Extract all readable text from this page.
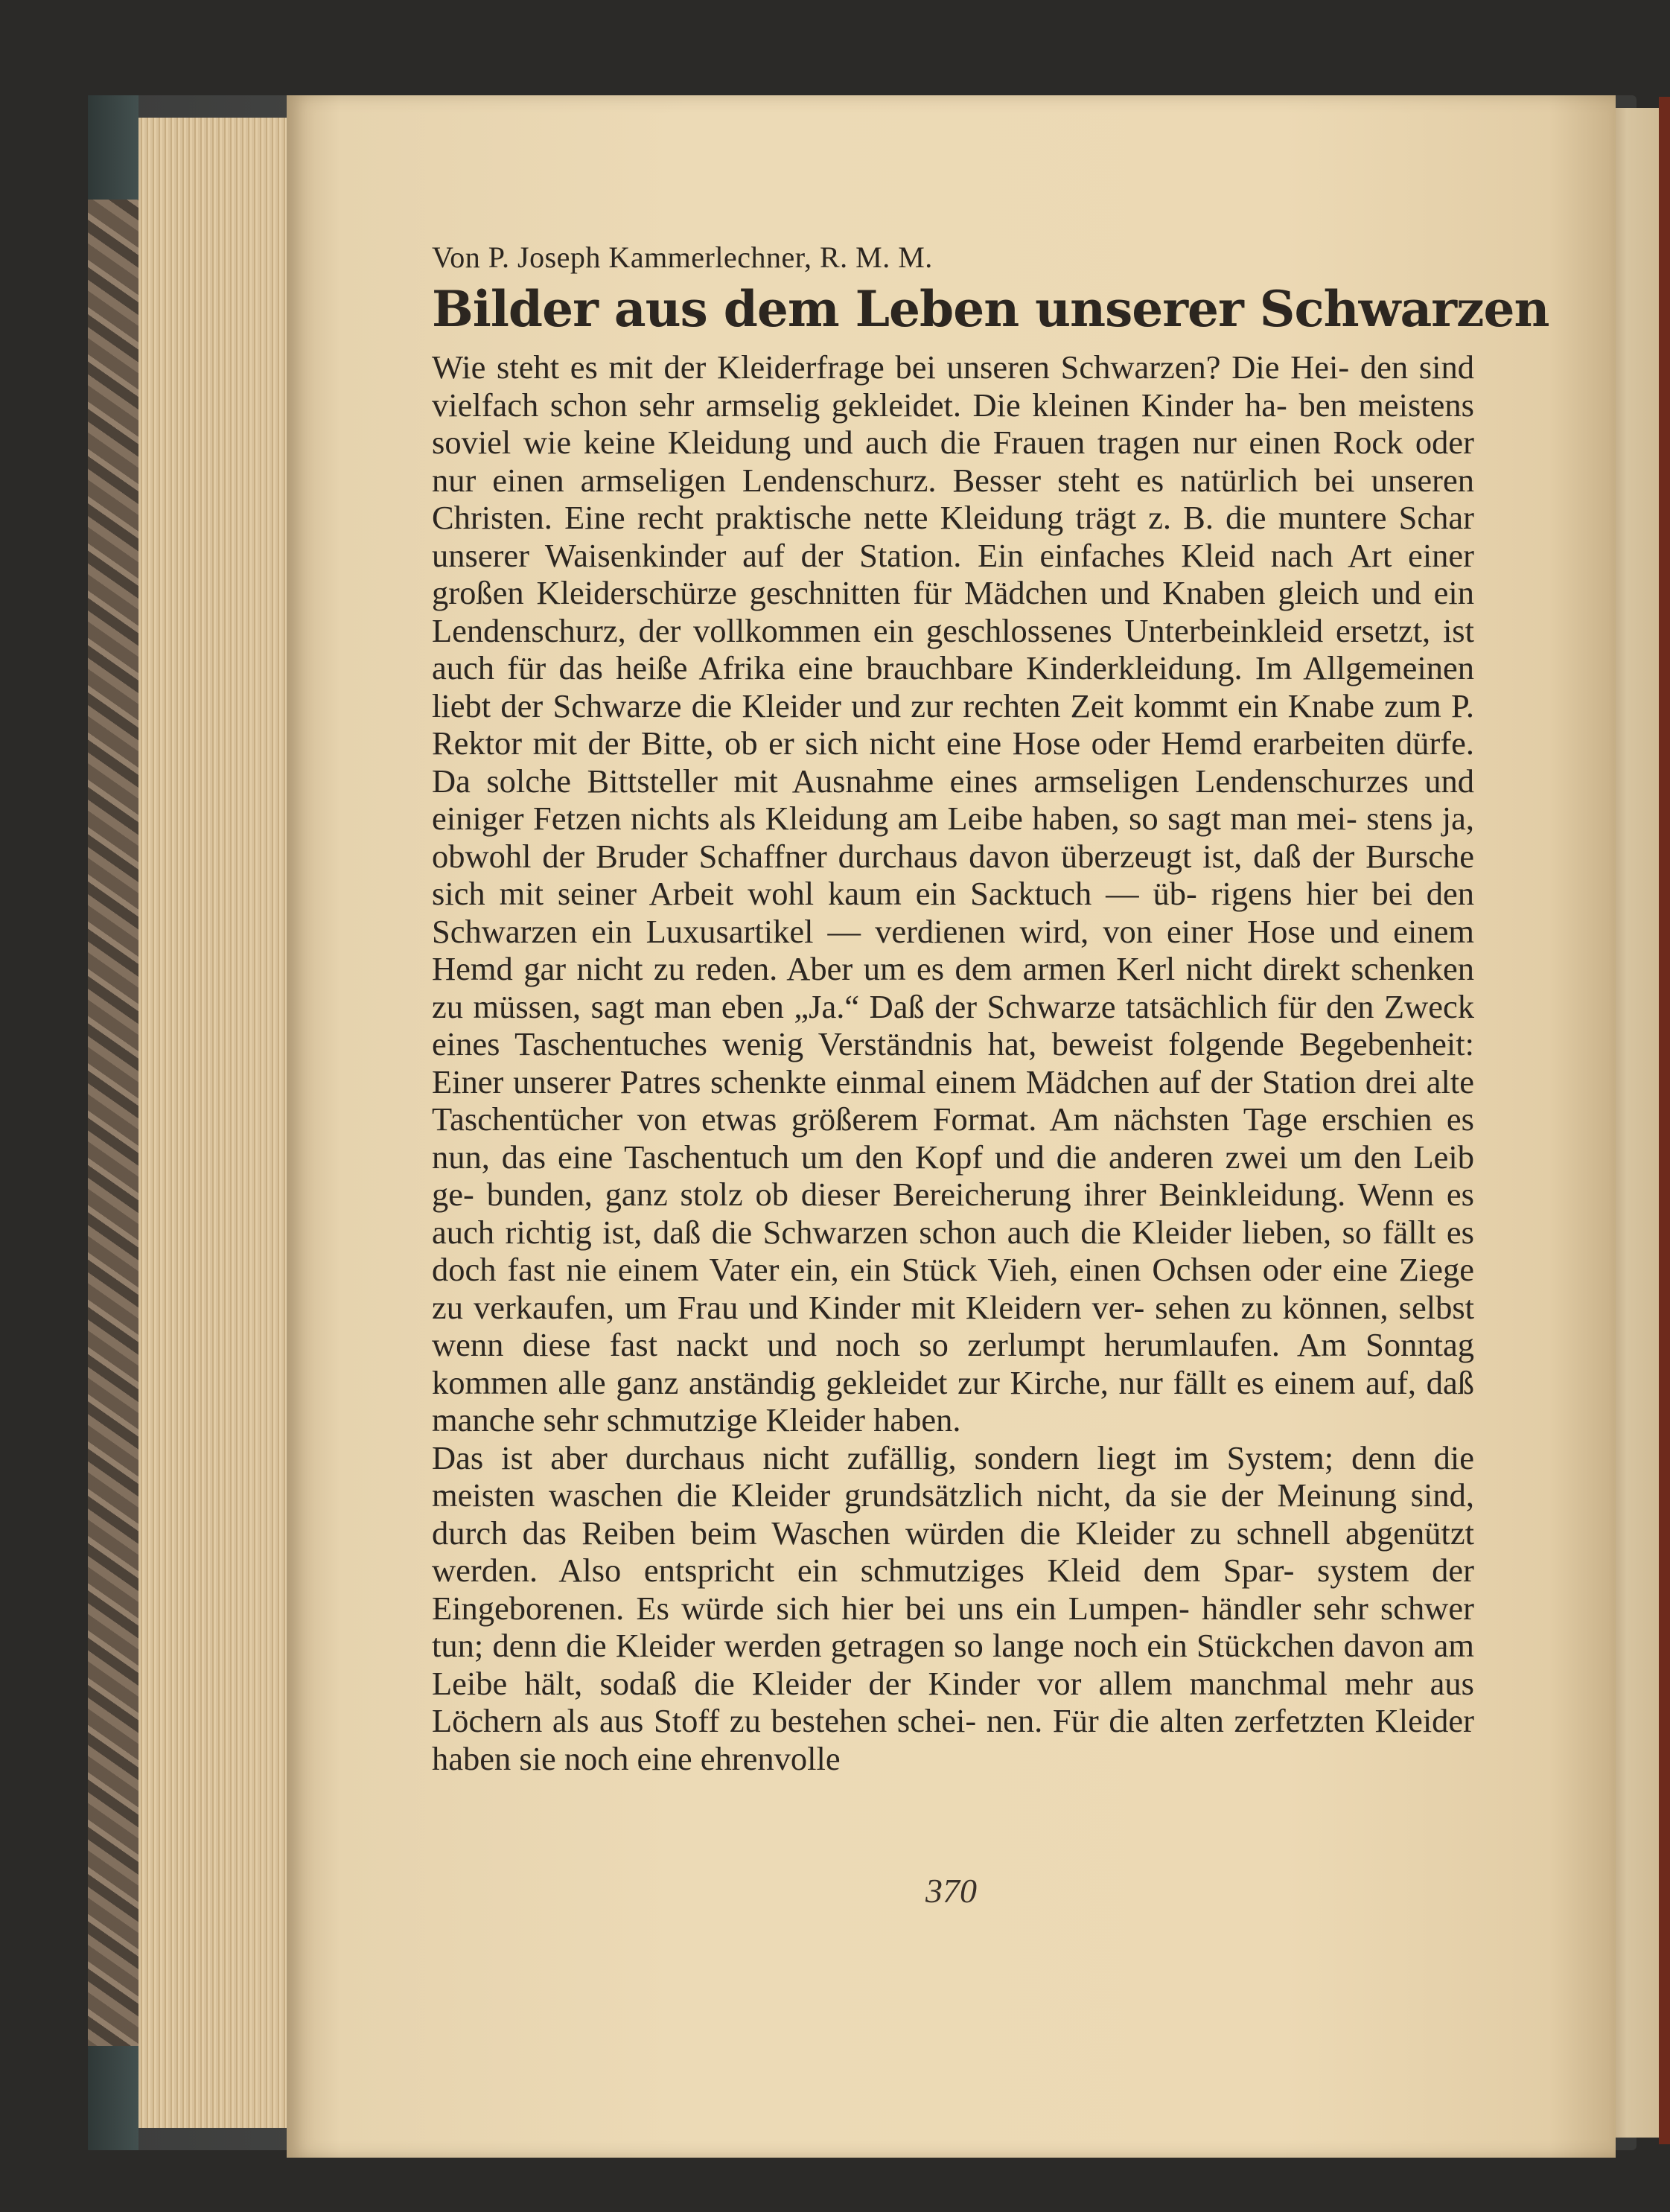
370

Von P. Joseph Kammerlechner, R. M. M.

Bilder aus dem Leben unserer Schwarzen

Wie steht es mit der Kleiderfrage bei unseren Schwarzen? Die Hei- den sind vielfach schon sehr armselig gekleidet. Die kleinen Kinder ha- ben meistens soviel wie keine Kleidung und auch die Frauen tragen nur einen Rock oder nur einen armseligen Lendenschurz. Besser steht es natürlich bei unseren Christen. Eine recht praktische nette Kleidung trägt z. B. die muntere Schar unserer Waisenkinder auf der Station. Ein einfaches Kleid nach Art einer großen Kleiderschürze geschnitten für Mädchen und Knaben gleich und ein Lendenschurz, der vollkommen ein geschlossenes Unterbeinkleid ersetzt, ist auch für das heiße Afrika eine brauchbare Kinderkleidung. Im Allgemeinen liebt der Schwarze die Kleider und zur rechten Zeit kommt ein Knabe zum P. Rektor mit der Bitte, ob er sich nicht eine Hose oder Hemd erarbeiten dürfe. Da solche Bittsteller mit Ausnahme eines armseligen Lendenschurzes und einiger Fetzen nichts als Kleidung am Leibe haben, so sagt man mei- stens ja, obwohl der Bruder Schaffner durchaus davon überzeugt ist, daß der Bursche sich mit seiner Arbeit wohl kaum ein Sacktuch — üb- rigens hier bei den Schwarzen ein Luxusartikel — verdienen wird, von einer Hose und einem Hemd gar nicht zu reden. Aber um es dem armen Kerl nicht direkt schenken zu müssen, sagt man eben „Ja.“ Daß der Schwarze tatsächlich für den Zweck eines Taschentuches wenig Verständnis hat, beweist folgende Begebenheit: Einer unserer Patres schenkte einmal einem Mädchen auf der Station drei alte Taschentücher von etwas größerem Format. Am nächsten Tage erschien es nun, das eine Taschentuch um den Kopf und die anderen zwei um den Leib ge- bunden, ganz stolz ob dieser Bereicherung ihrer Beinkleidung. Wenn es auch richtig ist, daß die Schwarzen schon auch die Kleider lieben, so fällt es doch fast nie einem Vater ein, ein Stück Vieh, einen Ochsen oder eine Ziege zu verkaufen, um Frau und Kinder mit Kleidern ver- sehen zu können, selbst wenn diese fast nackt und noch so zerlumpt herumlaufen. Am Sonntag kommen alle ganz anständig gekleidet zur Kirche, nur fällt es einem auf, daß manche sehr schmutzige Kleider haben.

Das ist aber durchaus nicht zufällig, sondern liegt im System; denn die meisten waschen die Kleider grundsätzlich nicht, da sie der Meinung sind, durch das Reiben beim Waschen würden die Kleider zu schnell abgenützt werden. Also entspricht ein schmutziges Kleid dem Spar- system der Eingeborenen. Es würde sich hier bei uns ein Lumpen- händler sehr schwer tun; denn die Kleider werden getragen so lange noch ein Stückchen davon am Leibe hält, sodaß die Kleider der Kinder vor allem manchmal mehr aus Löchern als aus Stoff zu bestehen schei- nen. Für die alten zerfetzten Kleider haben sie noch eine ehrenvolle
